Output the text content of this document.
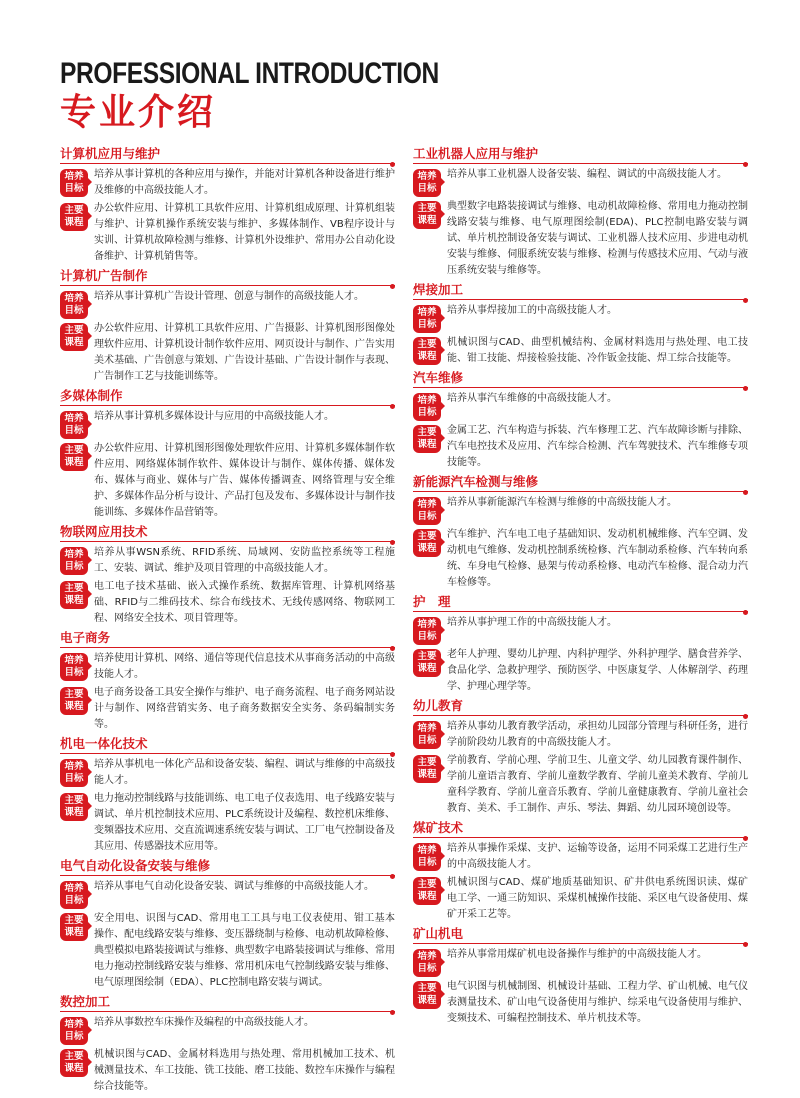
PROFESSIONAL INTRODUCTION
专业介绍
计算机应用与维护
培养
目标
培养从事计算机的各种应用与操作，并能对计算机各种设备进行维护及维修的中高级技能人才。
主要
课程
办公软件应用、计算机工具软件应用、计算机组成原理、计算机组装与维护、计算机操作系统安装与维护、多媒体制作、VB程序设计与实训、计算机故障检测与维修、计算机外设维护、常用办公自动化设备维护、计算机销售等。
计算机广告制作
培养
目标
培养从事计算机广告设计管理、创意与制作的高级技能人才。
主要
课程
办公软件应用、计算机工具软件应用、广告摄影、计算机图形图像处理软件应用、计算机设计制作软件应用、网页设计与制作、广告实用美术基础、广告创意与策划、广告设计基础、广告设计制作与表现、广告制作工艺与技能训练等。
多媒体制作
培养
目标
培养从事计算机多媒体设计与应用的中高级技能人才。
主要
课程
办公软件应用、计算机图形图像处理软件应用、计算机多媒体制作软件应用、网络媒体制作软件、媒体设计与制作、媒体传播、媒体发布、媒体与商业、媒体与广告、媒体传播调查、网络管理与安全维护、多媒体作品分析与设计、产品打包及发布、多媒体设计与制作技能训练、多媒体作品营销等。
物联网应用技术
培养
目标
培养从事WSN系统、RFID系统、局域网、安防监控系统等工程施工、安装、调试、维护及项目管理的中高级技能人才。
主要
课程
电工电子技术基础、嵌入式操作系统、数据库管理、计算机网络基础、RFID与二维码技术、综合布线技术、无线传感网络、物联网工程、网络安全技术、项目管理等。
电子商务
培养
目标
培养使用计算机、网络、通信等现代信息技术从事商务活动的中高级技能人才。
主要
课程
电子商务设备工具安全操作与维护、电子商务流程、电子商务网站设计与制作、网络营销实务、电子商务数据安全实务、条码编制实务等。
机电一体化技术
培养
目标
培养从事机电一体化产品和设备安装、编程、调试与维修的中高级技能人才。
主要
课程
电力拖动控制线路与技能训练、电工电子仪表选用、电子线路安装与调试、单片机控制技术应用、PLC系统设计及编程、数控机床维修、变频器技术应用、交直流调速系统安装与调试、工厂电气控制设备及其应用、传感器技术应用等。
电气自动化设备安装与维修
培养
目标
培养从事电气自动化设备安装、调试与维修的中高级技能人才。
主要
课程
安全用电、识图与CAD、常用电工工具与电工仪表使用、钳工基本操作、配电线路安装与维修、变压器绕制与检修、电动机故障检修、典型模拟电路装接调试与维修、典型数字电路装接调试与维修、常用电力拖动控制线路安装与维修、常用机床电气控制线路安装与维修、电气原理图绘制（EDA）、PLC控制电路安装与调试。
数控加工
培养
目标
培养从事数控车床操作及编程的中高级技能人才。
主要
课程
机械识图与CAD、金属材料选用与热处理、常用机械加工技术、机械测量技术、车工技能、铣工技能、磨工技能、数控车床操作与编程综合技能等。
工业机器人应用与维护
培养
目标
培养从事工业机器人设备安装、编程、调试的中高级技能人才。
主要
课程
典型数字电路装接调试与维修、电动机故障检修、常用电力拖动控制线路安装与维修、电气原理图绘制(EDA)、PLC控制电路安装与调试、单片机控制设备安装与调试、工业机器人技术应用、步进电动机安装与维修、伺服系统安装与维修、检测与传感技术应用、气动与液压系统安装与维修等。
焊接加工
培养
目标
培养从事焊接加工的中高级技能人才。
主要
课程
机械识图与CAD、曲型机械结构、金属材料选用与热处理、电工技能、钳工技能、焊接检验技能、冷作钣金技能、焊工综合技能等。
汽车维修
培养
目标
培养从事汽车维修的中高级技能人才。
主要
课程
金属工艺、汽车构造与拆装、汽车修理工艺、汽车故障诊断与排除、汽车电控技术及应用、汽车综合检测、汽车驾驶技术、汽车维修专项技能等。
新能源汽车检测与维修
培养
目标
培养从事新能源汽车检测与维修的中高级技能人才。
主要
课程
汽车维护、汽车电工电子基础知识、发动机机械维修、汽车空调、发动机电气维修、发动机控制系统检修、汽车制动系检修、汽车转向系统、车身电气检修、悬架与传动系检修、电动汽车检修、混合动力汽车检修等。
护　理
培养
目标
培养从事护理工作的中高级技能人才。
主要
课程
老年人护理、婴幼儿护理、内科护理学、外科护理学、膳食营养学、食品化学、急救护理学、预防医学、中医康复学、人体解剖学、药理学、护理心理学等。
幼儿教育
培养
目标
培养从事幼儿教育教学活动，承担幼儿园部分管理与科研任务，进行学前阶段幼儿教育的中高级技能人才。
主要
课程
学前教育、学前心理、学前卫生、儿童文学、幼儿园教育课件制作、学前儿童语言教育、学前儿童数学教育、学前儿童美术教育、学前儿童科学教育、学前儿童音乐教育、学前儿童健康教育、学前儿童社会教育、美术、手工制作、声乐、琴法、舞蹈、幼儿园环境创设等。
煤矿技术
培养
目标
培养从事操作采煤、支护、运输等设备，运用不同采煤工艺进行生产的中高级技能人才。
主要
课程
机械识图与CAD、煤矿地质基础知识、矿井供电系统图识读、煤矿电工学、一通三防知识、采煤机械操作技能、采区电气设备使用、煤矿开采工艺等。
矿山机电
培养
目标
培养从事常用煤矿机电设备操作与维护的中高级技能人才。
主要
课程
电气识图与机械制图、机械设计基础、工程力学、矿山机械、电气仪表测量技术、矿山电气设备使用与维护、综采电气设备使用与维护、变频技术、可编程控制技术、单片机技术等。
